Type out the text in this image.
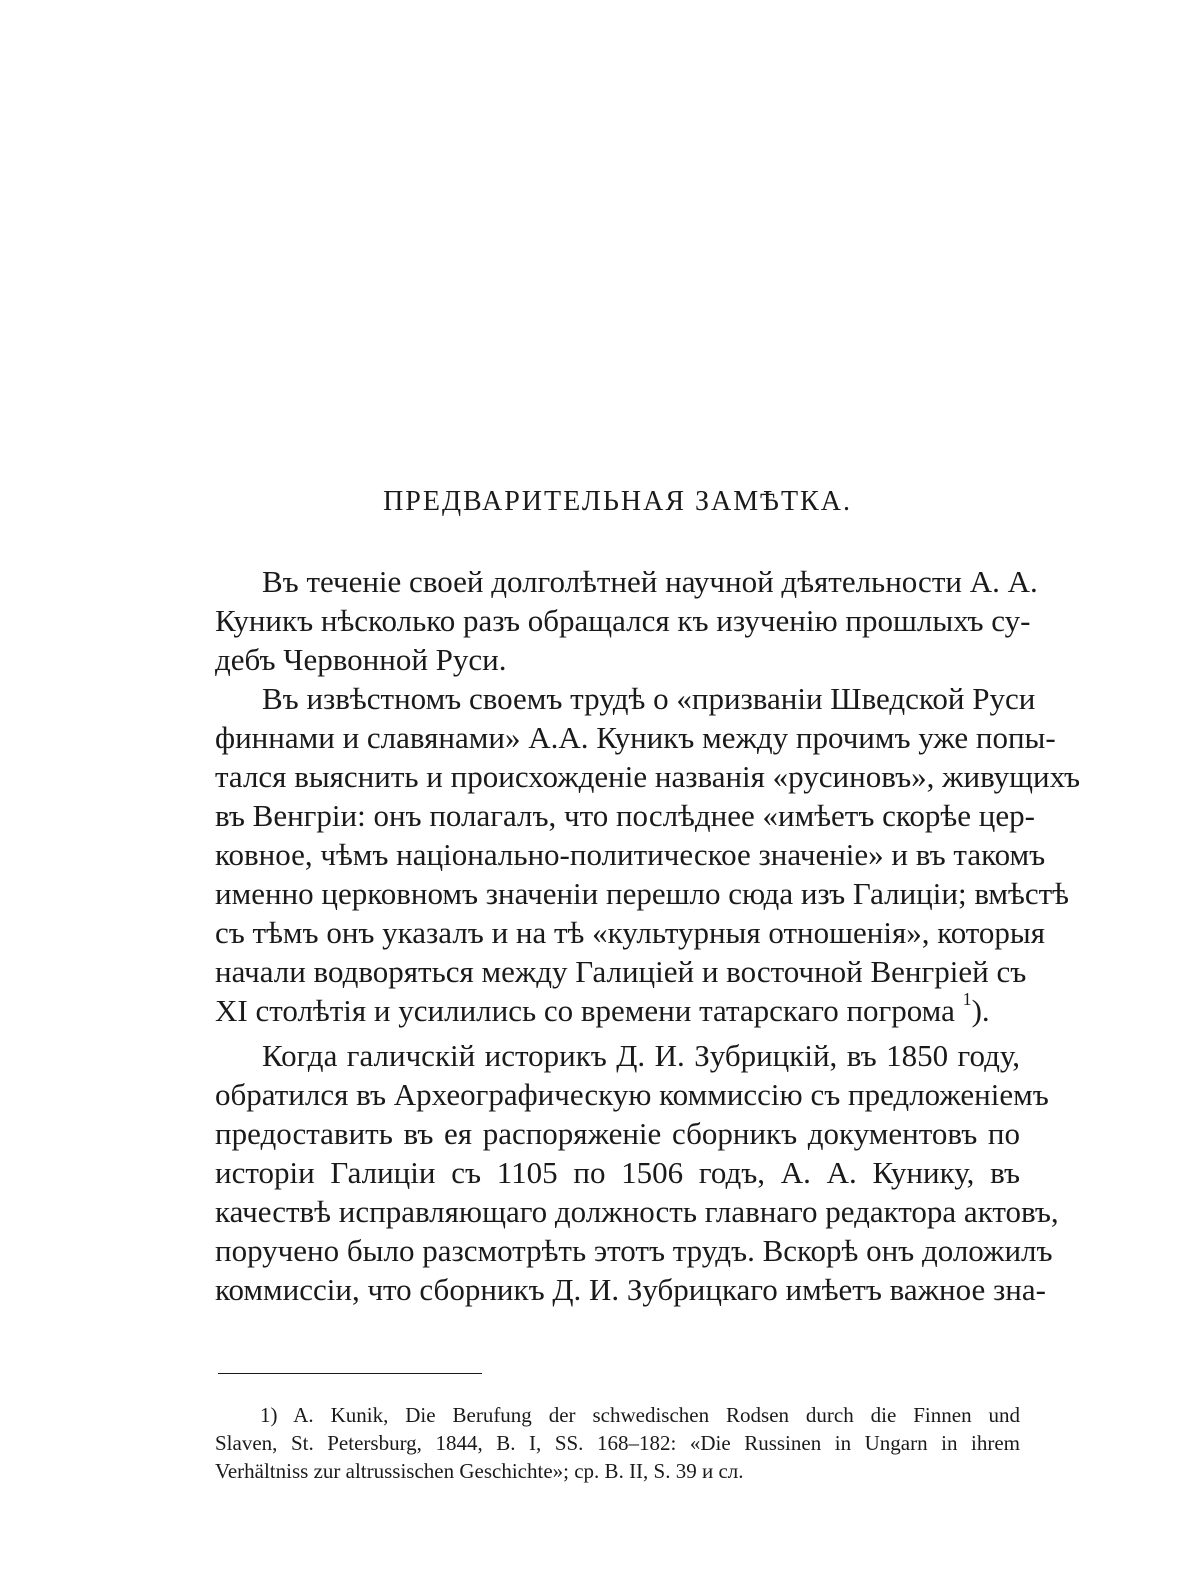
ПРЕДВАРИТЕЛЬНАЯ ЗАМѢТКА.
Въ теченіе своей долголѣтней научной дѣятельности А. А.
Куникъ нѣсколько разъ обращался къ изученію прошлыхъ су-
дебъ Червонной Руси.
Въ извѣстномъ своемъ трудѣ о «призваніи Шведской Руси
финнами и славянами» А.А. Куникъ между прочимъ уже попы-
тался выяснить и происхожденіе названія «русиновъ», живущихъ
въ Венгріи: онъ полагалъ, что послѣднее «имѣетъ скорѣе цер-
ковное, чѣмъ національно-политическое значеніе» и въ такомъ
именно церковномъ значеніи перешло сюда изъ Галиціи; вмѣстѣ
съ тѣмъ онъ указалъ и на тѣ «культурныя отношенія», которыя
начали водворяться между Галиціей и восточной Венгріей съ
XI столѣтія и усилились со времени татарскаго погрома $^1$).
Когда галичскій историкъ Д. И. Зубрицкій, въ 1850 году,
обратился въ Археографическую коммиссію съ предложеніемъ
предоставить въ ея распоряженіе сборникъ документовъ по
исторіи Галиціи съ 1105 по 1506 годъ, А. А. Кунику, въ
качествѣ исправляющаго должность главнаго редактора актовъ,
поручено было разсмотрѣть этотъ трудъ. Вскорѣ онъ доложилъ
коммиссіи, что сборникъ Д. И. Зубрицкаго имѣетъ важное зна-
1) A. Kunik, Die Berufung der schwedischen Rodsen durch die Finnen und
Slaven, St. Petersburg, 1844, B. I, SS. 168–182: «Die Russinen in Ungarn in ihrem
Verhältniss zur altrussischen Geschichte»; ср. B. II, S. 39 и сл.
